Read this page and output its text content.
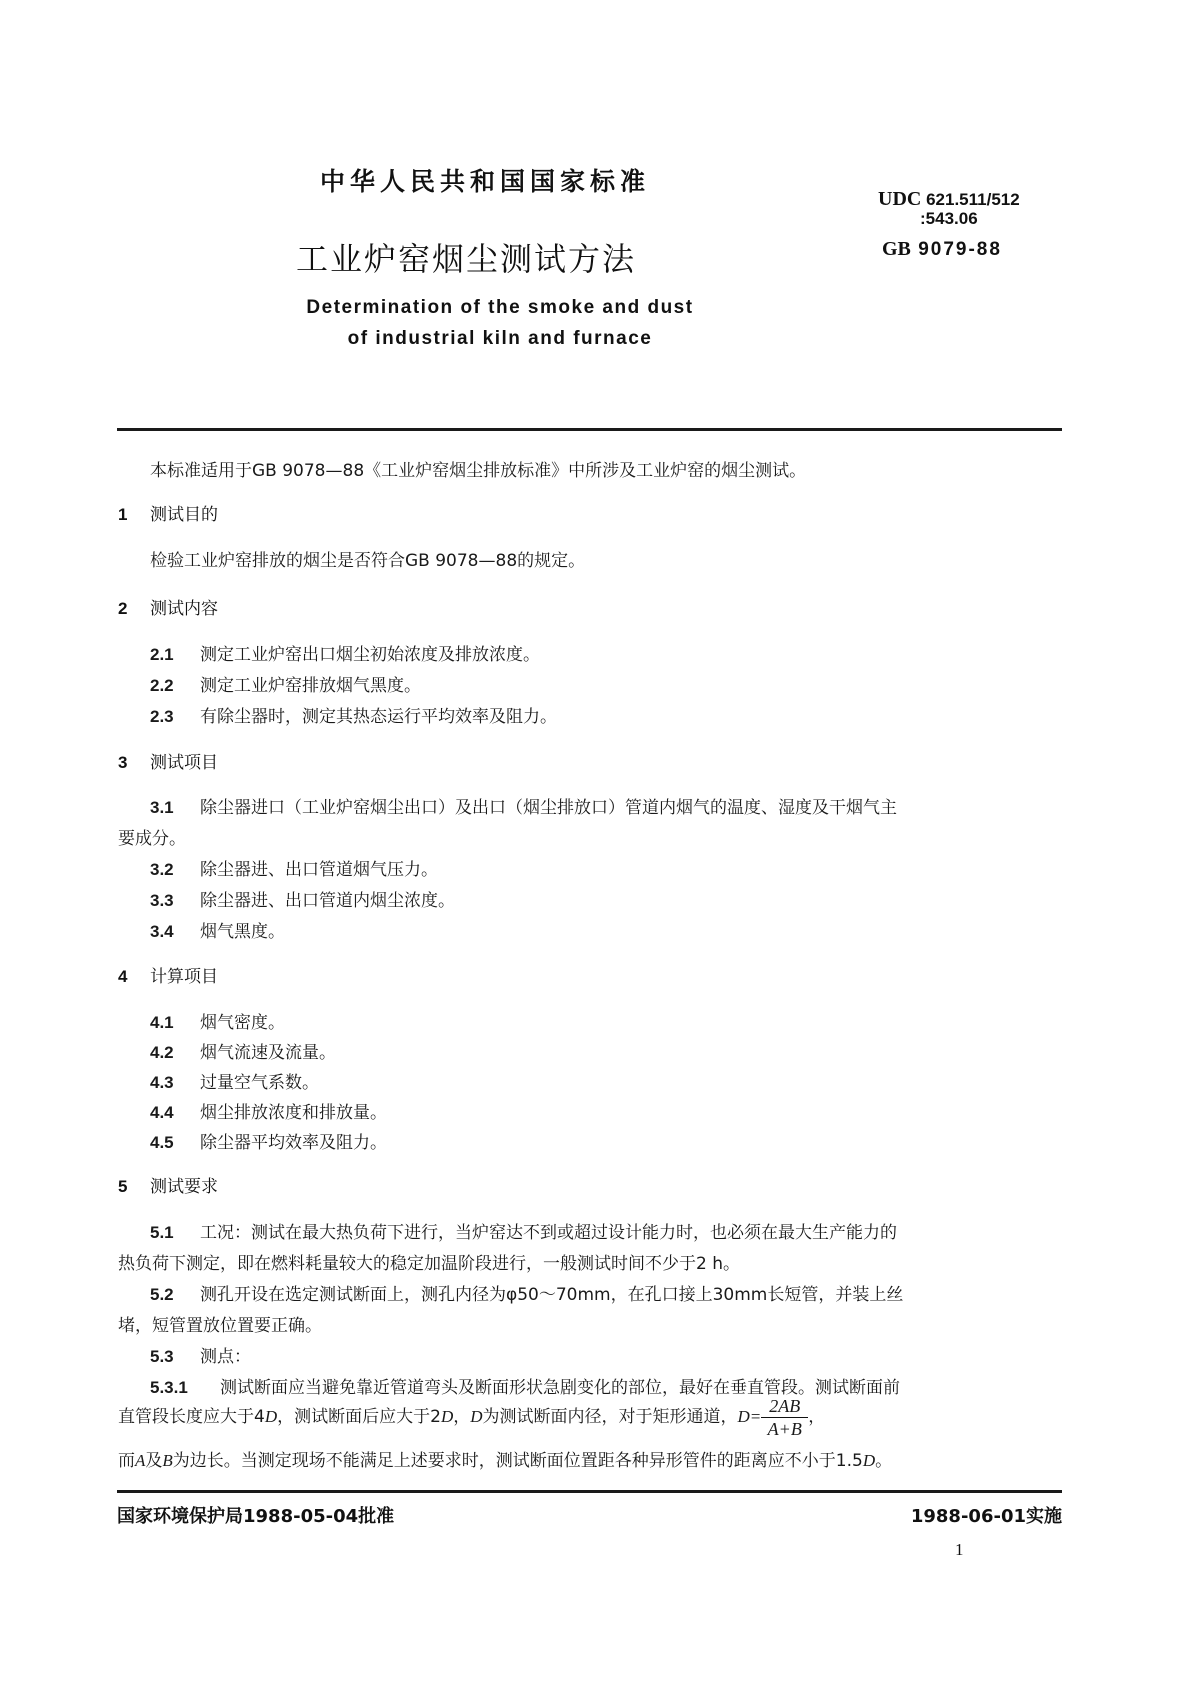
中华人民共和国国家标准
工业炉窑烟尘测试方法
Determination of the smoke and dust
of industrial kiln and furnace
UDC 621.511/512
:543.06
GB 9079-88
本标准适用于GB 9078—88《工业炉窑烟尘排放标准》中所涉及工业炉窑的烟尘测试。
1 测试目的
检验工业炉窑排放的烟尘是否符合GB 9078—88的规定。
2 测试内容
2.1 测定工业炉窑出口烟尘初始浓度及排放浓度。
2.2 测定工业炉窑排放烟气黑度。
2.3 有除尘器时，测定其热态运行平均效率及阻力。
3 测试项目
3.1 除尘器进口（工业炉窑烟尘出口）及出口（烟尘排放口）管道内烟气的温度、湿度及干烟气主
要成分。
3.2 除尘器进、出口管道烟气压力。
3.3 除尘器进、出口管道内烟尘浓度。
3.4 烟气黑度。
4 计算项目
4.1 烟气密度。
4.2 烟气流速及流量。
4.3 过量空气系数。
4.4 烟尘排放浓度和排放量。
4.5 除尘器平均效率及阻力。
5 测试要求
5.1 工况：测试在最大热负荷下进行，当炉窑达不到或超过设计能力时，也必须在最大生产能力的
热负荷下测定，即在燃料耗量较大的稳定加温阶段进行，一般测试时间不少于2 h。
5.2 测孔开设在选定测试断面上，测孔内径为φ50～70mm，在孔口接上30mm长短管，并装上丝
堵，短管置放位置要正确。
5.3 测点：
5.3.1 测试断面应当避免靠近管道弯头及断面形状急剧变化的部位，最好在垂直管段。测试断面前
直管段长度应大于4D，测试断面后应大于2D，D为测试断面内径，对于矩形通道，$D= \frac{2AB}{A+B}$ ，
而A及B为边长。当测定现场不能满足上述要求时，测试断面位置距各种异形管件的距离应不小于1.5D。
国家环境保护局1988-05-04批准	1988-06-01实施
1
